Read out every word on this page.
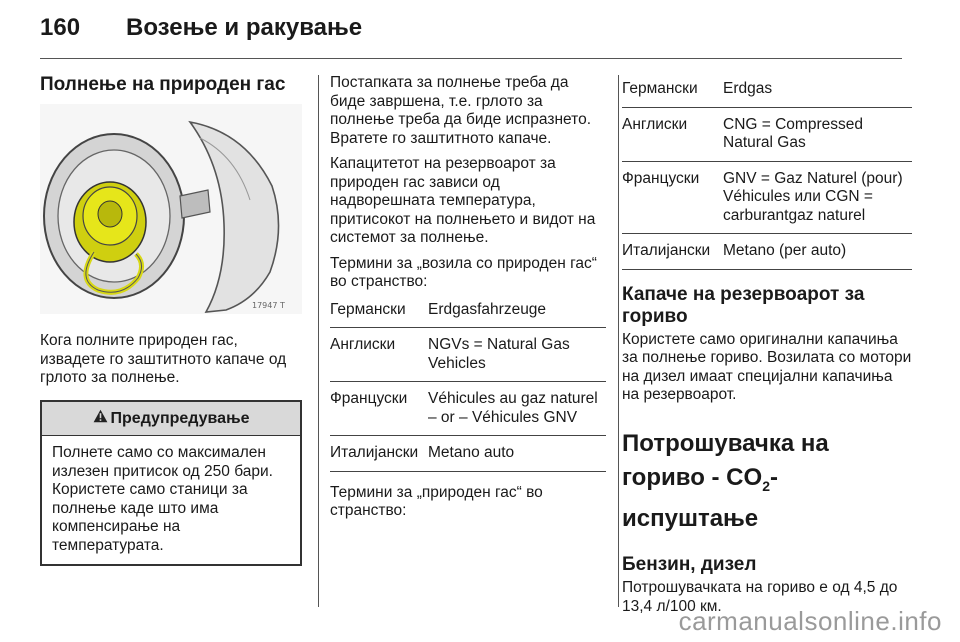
160 Возење и ракување
Полнење на природен гас
17947 T

Кога полните природен гас, извадете го заштитното капаче од грлото за полнење.

Предупредување
Полнете само со максимален излезен притисок од 250 бари. Користете само станици за полнење каде што има компенсирање на температурата.

Постапката за полнење треба да биде завршена, т.е. грлото за полнење треба да биде испразнето. Вратете го заштитното капаче.

Капацитетот на резервоарот за природен гас зависи од надворешната температура, притисокот на полнењето и видот на системот за полнење.

Термини за „возила со природен гас“ во странство:

Германски	Erdgasfahrzeuge
Англиски	NGVs = Natural Gas Vehicles
Француски	Véhicules au gaz naturel – or – Véhicules GNV
Италијански	Metano auto

Термини за „природен гас“ во странство:

Германски	Erdgas
Англиски	CNG = Compressed Natural Gas
Француски	GNV = Gaz Naturel (pour) Véhicules или CGN = carburantgaz naturel
Италијански	Metano (per auto)
Капаче на резервоарот за гориво

Користете само оригинални капачиња за полнење гориво. Возилата со мотори на дизел имаат специјални капачиња на резервоарот.

Потрошувачка на
гориво - $CO_2$-испуштање
Бензин, дизел

Потрошувачката на гориво е од 4,5 до 13,4 л/100 км.

carmanualsonline.info
